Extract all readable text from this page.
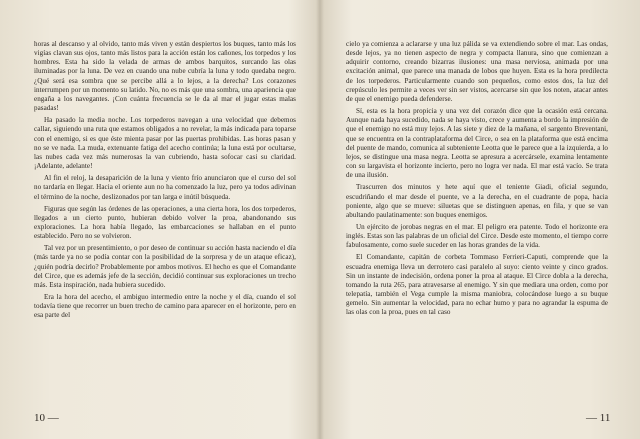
horas al descanso y al olvido, tanto más viven y están despiertos los buques, tanto más los vigías clavan sus ojos, tanto más listos para la acción están los cañones, los torpedos y los hombres. Esta ha sido la velada de armas de ambos barquitos, surcando las olas iluminadas por la luna. De vez en cuando una nube cubría la luna y todo quedaba negro. ¿Qué será esa sombra que se percibe allá a lo lejos, a la derecha? Los corazones interrumpen por un momento su latido. No, no es más que una sombra, una apariencia que engaña a los navegantes. ¡Con cuánta frecuencia se le da al mar el jugar estas malas pasadas!

Ha pasado la media noche. Los torpederos navegan a una velocidad que debemos callar, siguiendo una ruta que estamos obligados a no revelar, la más indicada para toparse con el enemigo, si es que éste mienta pasar por las puertas prohibidas. Las horas pasan y no se ve nada. La muda, extenuante fatiga del acecho continúa; la luna está por ocultarse, las nubes cada vez más numerosas la van cubriendo, hasta sofocar casi su claridad. ¡Adelante, adelante!

Al fin el reloj, la desaparición de la luna y viento frío anunciaron que el curso del sol no tardaría en llegar. Hacia el oriente aun no ha comenzado la luz, pero ya todos adivinan el término de la noche, deslizonados por tan larga e inútil búsqueda.

Figuras que según las órdenes de las operaciones, a una cierta hora, los dos torpederos, llegados a un cierto punto, hubieran debido volver la proa, abandonando sus exploraciones. La hora había llegado, las embarcaciones se hallaban en el punto establecido. Pero no se volvieron.

Tal vez por un presentimiento, o por deseo de continuar su acción hasta naciendo el día (más tarde ya no se podía contar con la posibilidad de la sorpresa y de un ataque eficaz), ¿quién podría decirlo? Probablemente por ambos motivos. El hecho es que el Comandante del Circe, que es además jefe de la sección, decidió continuar sus exploraciones un trecho más. Esta inspiración, nada hubiera sucedido.

Era la hora del acecho, el ambiguo intermedio entre la noche y el día, cuando el sol todavía tiene que recorrer un buen trecho de camino para aparecer en el horizonte, pero en esa parte del

10 —

cielo ya comienza a aclararse y una luz pálida se va extendiendo sobre el mar. Las ondas, desde lejos, ya no tienen aspecto de negra y compacta llanura, sino que comienzan a adquirir contorno, creando bizarras ilusiones: una masa nerviosa, animada por una excitación animal, que parece una manada de lobos que huyen. Esta es la hora predilecta de los torpederos. Particularmente cuando son pequeños, como estos dos, la luz del crepúsculo les permite a veces ver sin ser vistos, acercarse sin que los noten, atacar antes de que el enemigo pueda defenderse.

Sí, esta es la hora propicia y una vez del corazón dice que la ocasión está cercana. Aunque nada haya sucedido, nada se haya visto, crece y aumenta a bordo la impresión de que el enemigo no está muy lejos. A las siete y diez de la mañana, el sargento Breventani, que se encuentra en la contraplataforma del Circe, o sea en la plataforma que está encima del puente de mando, comunica al subteniente Leotta que le parece que a la izquierda, a lo lejos, se distingue una masa negra. Leotta se apresura a acercársele, examina lentamente con su largavista el horizonte incierto, pero no logra ver nada. El mar está vacío. Se trata de una ilusión.

Trascurren dos minutos y hete aquí que el teniente Giadi, oficial segundo, escudriñando el mar desde el puente, ve a la derecha, en el cuadrante de popa, hacia poniente, algo que se mueve: siluetas que se distinguen apenas, en fila, y que se van abultando paulatinamente: son buques enemigos.

Un ejército de jorobas negras en el mar. El peligro era patente. Todo el horizonte era inglés. Estas son las palabras de un oficial del Circe. Desde este momento, el tiempo corre fabulosamente, como suele suceder en las horas grandes de la vida.

El Comandante, capitán de corbeta Tommaso Ferrieri-Caputi, comprende que la escuadra enemiga lleva un derrotero casi paralelo al suyo: ciento veinte y cinco grados. Sin un instante de indecisión, ordena poner la proa al ataque. El Circe dobla a la derecha, tomando la ruta 265, para atravesarse al enemigo. Y sin que mediara una orden, como por telepatía, también el Vega cumple la misma maniobra, colocándose luego a su buque gemelo. Sin aumentar la velocidad, para no echar humo y para no agrandar la espuma de las olas con la proa, pues en tal caso

— 11
